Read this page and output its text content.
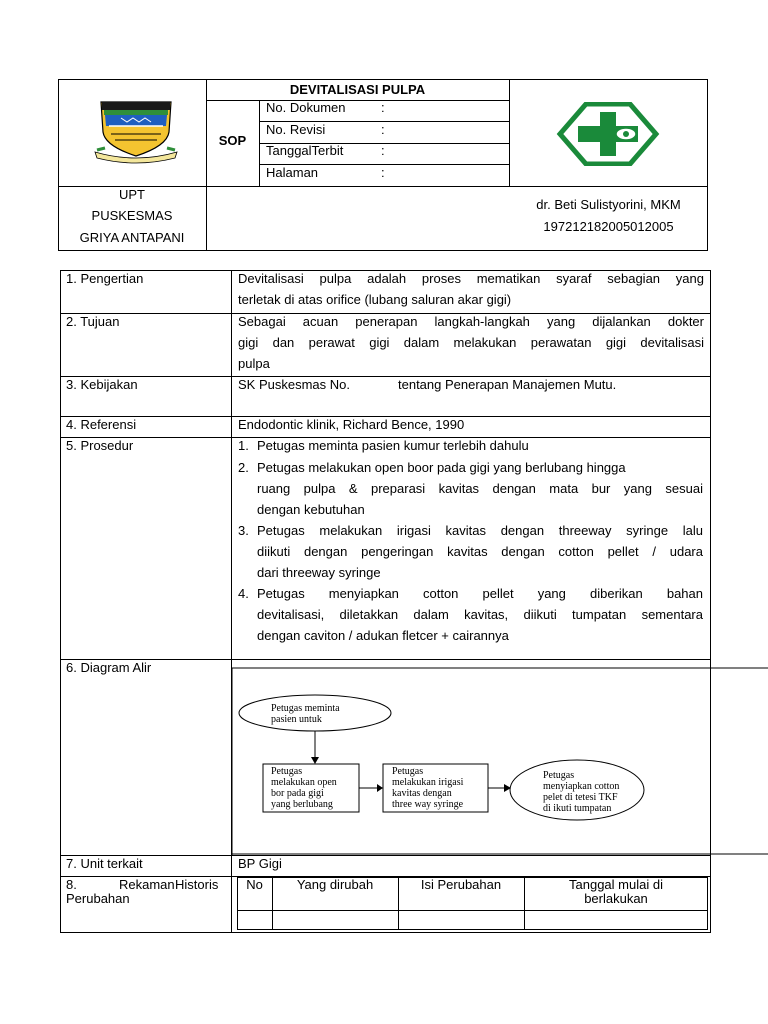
DEVITALISASI PULPA
SOP
No. Dokumen	:
No. Revisi	:
TanggalTerbit	:
Halaman	:
UPT
PUSKESMAS
GRIYA ANTAPANI
dr. Beti Sulistyorini, MKM
197212182005012005
1. Pengertian	Devitalisasi pulpa adalah proses mematikan syaraf sebagian yang
terletak di atas orifice (lubang saluran akar gigi)
2. Tujuan	Sebagai acuan penerapan langkah-langkah yang dijalankan dokter
gigi dan perawat gigi dalam melakukan perawatan gigi devitalisasi
pulpa
3. Kebijakan	SK Puskesmas No.	tentang Penerapan Manajemen Mutu.
4. Referensi	Endodontic klinik, Richard Bence, 1990
5. Prosedur	1. Petugas meminta pasien kumur terlebih dahulu
2. Petugas melakukan open boor pada gigi yang berlubang hingga
ruang pulpa & preparasi kavitas dengan mata bur yang sesuai
dengan kebutuhan
3. Petugas melakukan irigasi kavitas dengan threeway syringe lalu
diikuti dengan pengeringan kavitas dengan cotton pellet / udara
dari threeway syringe
4. Petugas menyiapkan cotton pellet yang diberikan bahan
devitalisasi, diletakkan dalam kavitas, diikuti tumpatan sementara
dengan caviton / adukan fletcer + cairannya
6. Diagram Alir
Petugas meminta
pasien untuk
Petugas
melakukan open
bor pada gigi
yang berlubang
Petugas
melakukan irigasi
kavitas dengan
three way syringe
Petugas
menyiapkan cotton
pelet di tetesi TKF
di ikuti tumpatan
7. Unit terkait	BP Gigi
8.	Rekaman Historis
Perubahan
No	Yang dirubah	Isi Perubahan	Tanggal mulai di
berlakukan
